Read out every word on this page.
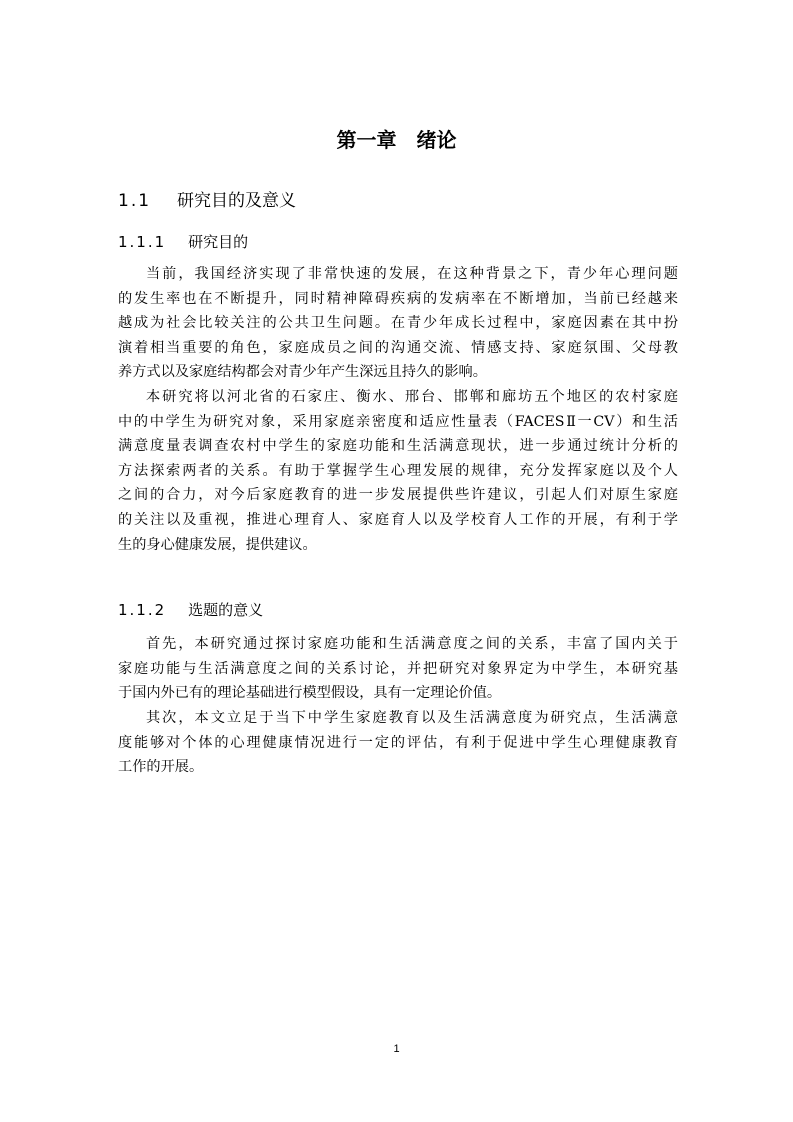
第一章　绪论
1.1 研究目的及意义
1.1.1 研究目的
当前，我国经济实现了非常快速的发展，在这种背景之下，青少年心理问题
的发生率也在不断提升，同时精神障碍疾病的发病率在不断增加，当前已经越来
越成为社会比较关注的公共卫生问题。在青少年成长过程中，家庭因素在其中扮
演着相当重要的角色，家庭成员之间的沟通交流、情感支持、家庭氛围、父母教
养方式以及家庭结构都会对青少年产生深远且持久的影响。
本研究将以河北省的石家庄、衡水、邢台、邯郸和廊坊五个地区的农村家庭
中的中学生为研究对象，采用家庭亲密度和适应性量表（FACESⅡ一CV）和生活
满意度量表调查农村中学生的家庭功能和生活满意现状，进一步通过统计分析的
方法探索两者的关系。有助于掌握学生心理发展的规律，充分发挥家庭以及个人
之间的合力，对今后家庭教育的进一步发展提供些许建议，引起人们对原生家庭
的关注以及重视，推进心理育人、家庭育人以及学校育人工作的开展，有利于学
生的身心健康发展，提供建议。
1.1.2 选题的意义
首先，本研究通过探讨家庭功能和生活满意度之间的关系，丰富了国内关于
家庭功能与生活满意度之间的关系讨论，并把研究对象界定为中学生，本研究基
于国内外已有的理论基础进行模型假设，具有一定理论价值。
其次，本文立足于当下中学生家庭教育以及生活满意度为研究点，生活满意
度能够对个体的心理健康情况进行一定的评估，有利于促进中学生心理健康教育
工作的开展。
1
